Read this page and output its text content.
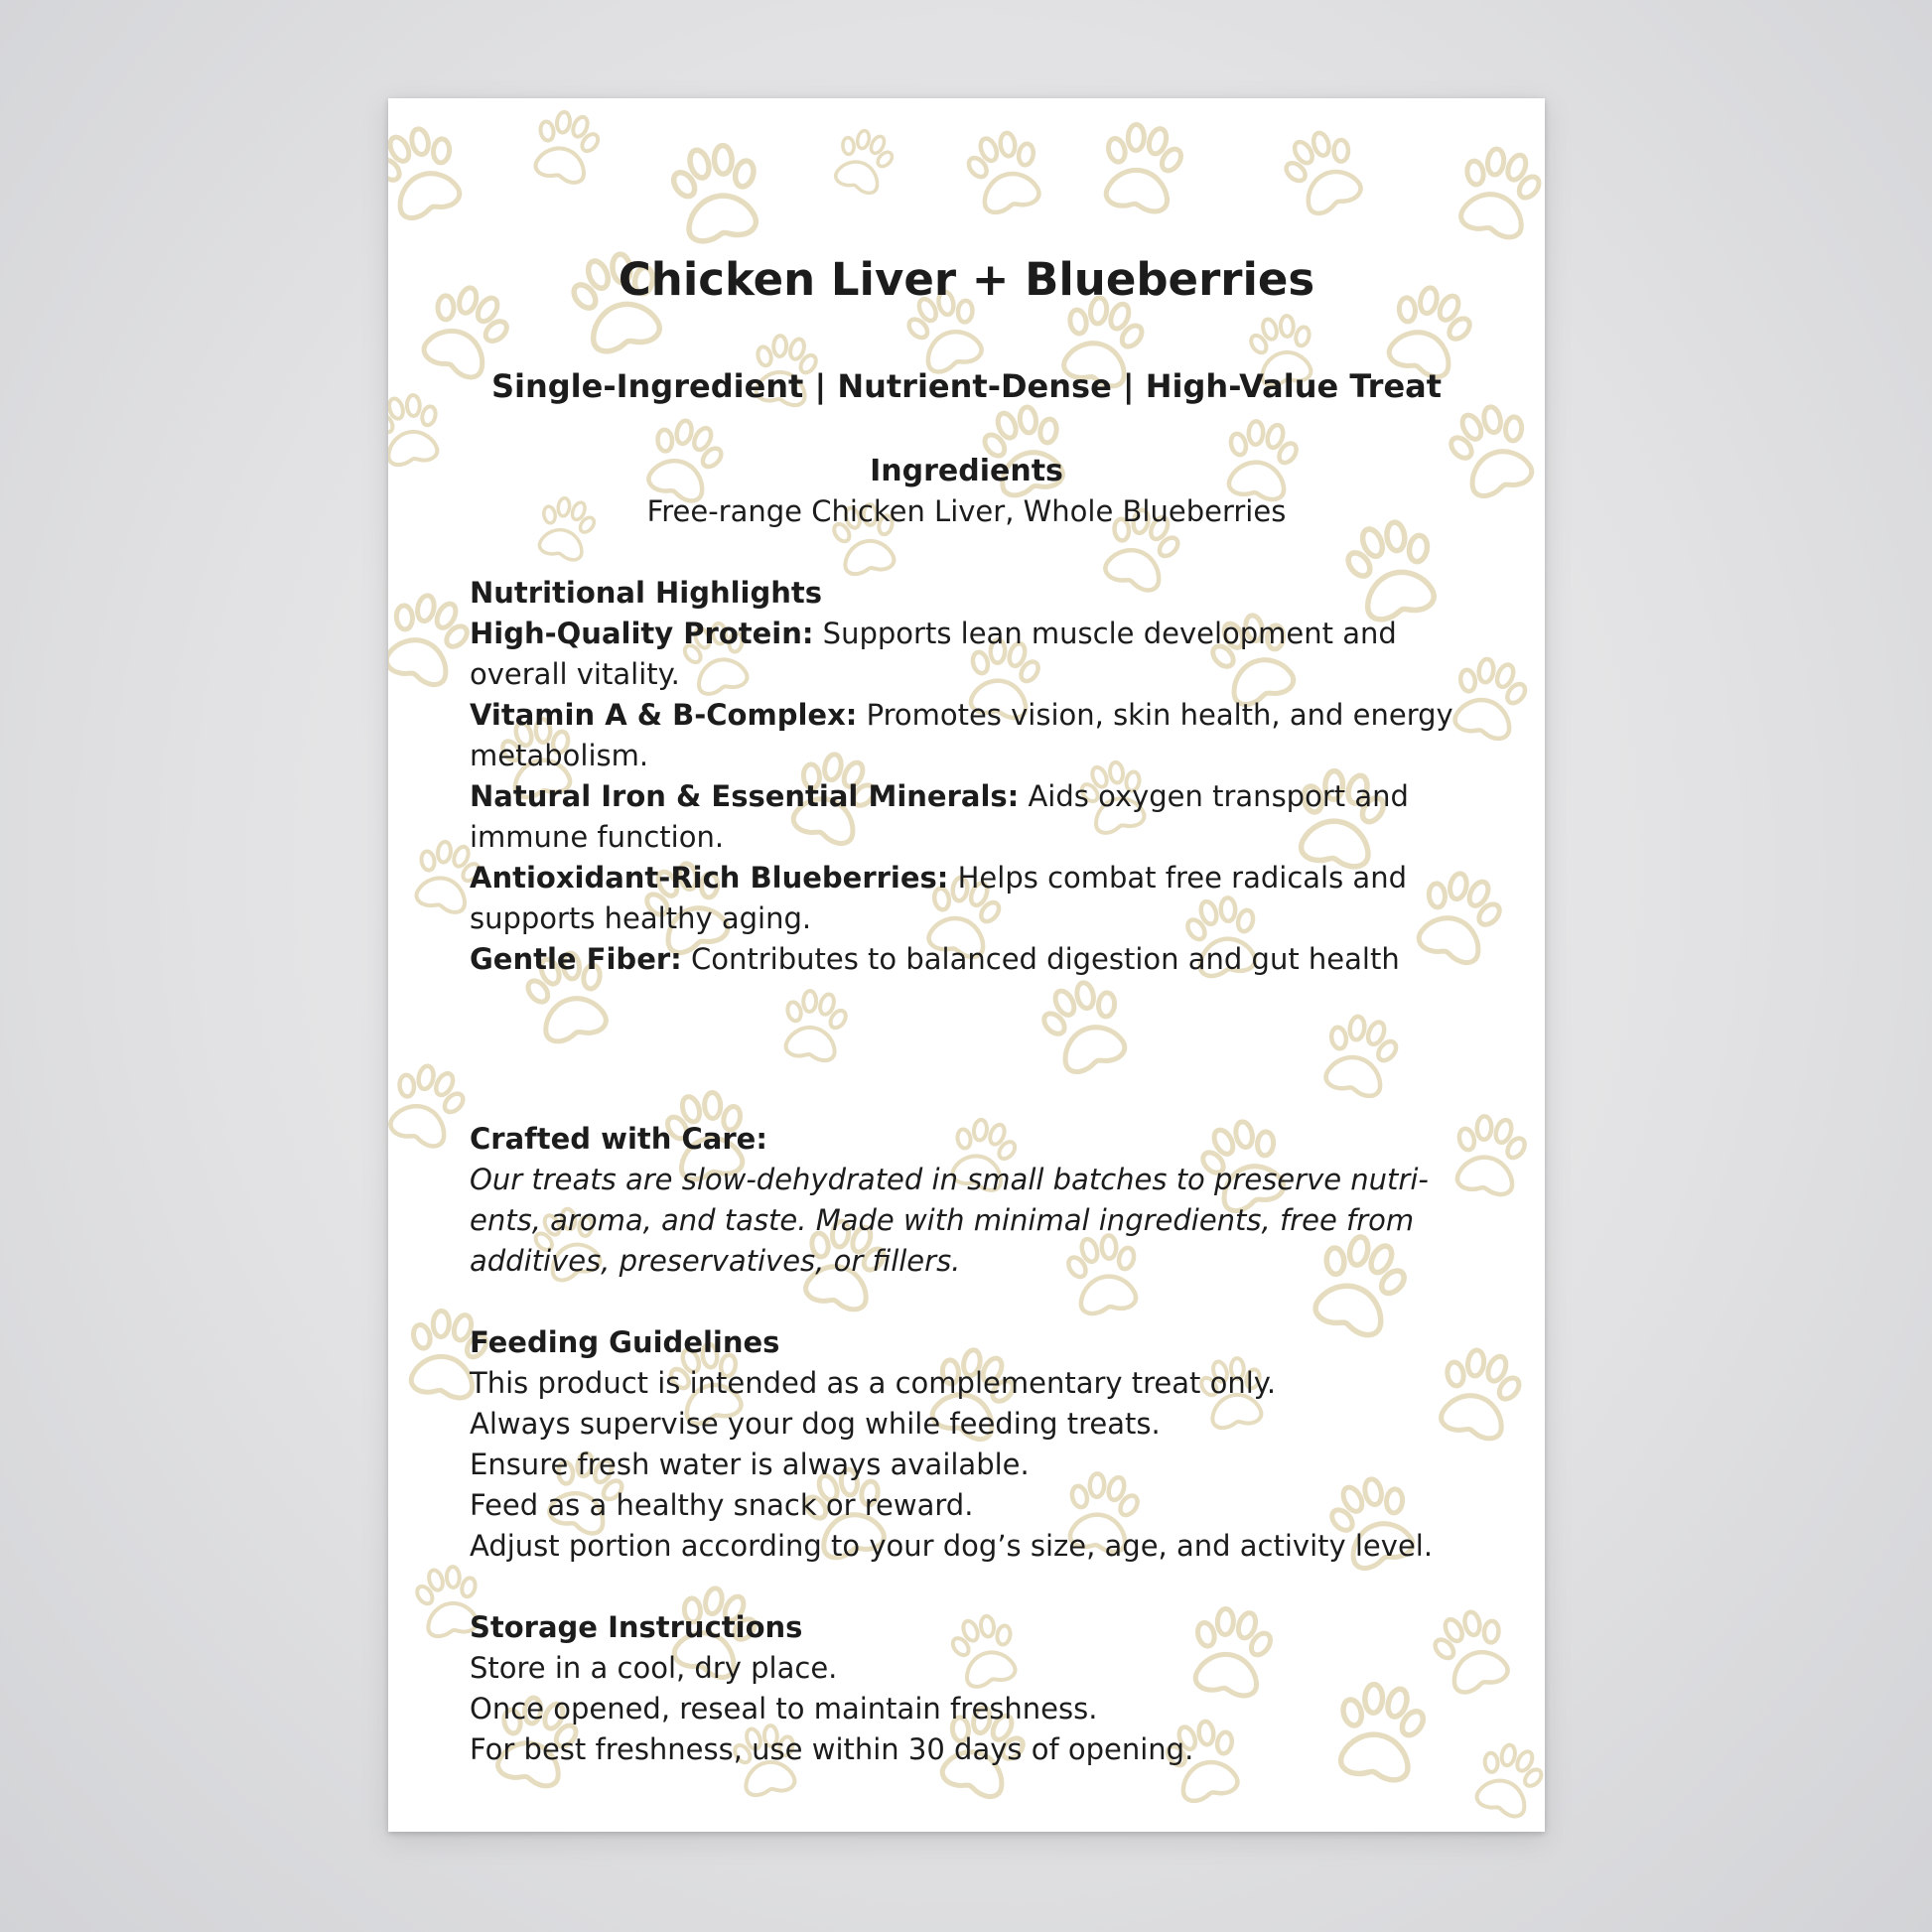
Chicken Liver + Blueberries

Single-Ingredient | Nutrient-Dense | High-Value Treat

Ingredients

Free-range Chicken Liver, Whole Blueberries

Nutritional Highlights
High-Quality Protein: Supports lean muscle development and overall vitality.
Vitamin A & B-Complex: Promotes vision, skin health, and energy metabolism.
Natural Iron & Essential Minerals: Aids oxygen transport and immune function.
Antioxidant-Rich Blueberries: Helps combat free radicals and supports healthy aging.
Gentle Fiber: Contributes to balanced digestion and gut health
Crafted with Care:
Our treats are slow-dehydrated in small batches to preserve nutri-ents, aroma, and taste. Made with minimal ingredients, free from additives, preservatives, or fillers.
Feeding Guidelines
This product is intended as a complementary treat only.
Always supervise your dog while feeding treats.
Ensure fresh water is always available.
Feed as a healthy snack or reward.
Adjust portion according to your dog’s size, age, and activity level.
Storage Instructions
Store in a cool, dry place.
Once opened, reseal to maintain freshness.
For best freshness, use within 30 days of opening.
